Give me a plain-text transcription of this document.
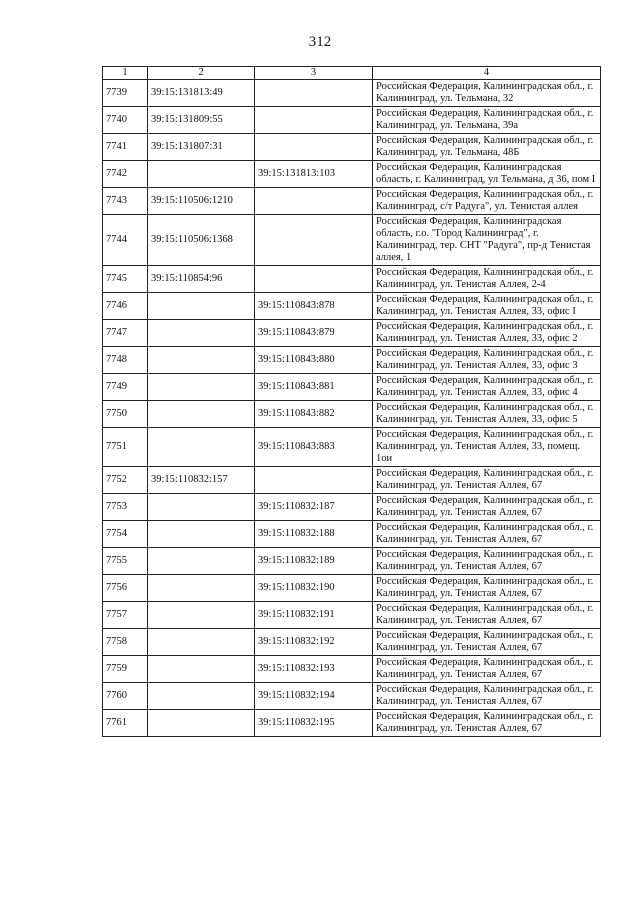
312
1	2	3	4
7739	39:15:131813:49		Российская Федерация, Калининградская обл., г. Калининград, ул. Тельмана, 32
7740	39:15:131809:55		Российская Федерация, Калининградская обл., г. Калининград, ул. Тельмана, 39а
7741	39:15:131807:31		Российская Федерация, Калининградская обл., г. Калининград, ул. Тельмана, 48Б
7742		39:15:131813:103	Российская Федерация, Калининградская область, г. Калининград, ул Тельмана, д 36, пом I
7743	39:15:110506:1210		Российская Федерация, Калининградская обл., г. Калининград, с/т Радуга", ул. Тенистая аллея
7744	39:15:110506:1368		Российская Федерация, Калининградская область, г.о. "Город Калининград", г. Калининград, тер. СНТ "Радуга", пр-д Тенистая аллея, 1
7745	39:15:110854:96		Российская Федерация, Калининградская обл., г. Калининград, ул. Тенистая Аллея, 2-4
7746		39:15:110843:878	Российская Федерация, Калининградская обл., г. Калининград, ул. Тенистая Аллея, 33, офис I
7747		39:15:110843:879	Российская Федерация, Калининградская обл., г. Калининград, ул. Тенистая Аллея, 33, офис 2
7748		39:15:110843:880	Российская Федерация, Калининградская обл., г. Калининград, ул. Тенистая Аллея, 33, офис 3
7749		39:15:110843:881	Российская Федерация, Калининградская обл., г. Калининград, ул. Тенистая Аллея, 33, офис 4
7750		39:15:110843:882	Российская Федерация, Калининградская обл., г. Калининград, ул. Тенистая Аллея, 33, офис 5
7751		39:15:110843:883	Российская Федерация, Калининградская обл., г. Калининград, ул. Тенистая Аллея, 33, помещ. 1ои
7752	39:15:110832:157		Российская Федерация, Калининградская обл., г. Калининград, ул. Тенистая Аллея, 67
7753		39:15:110832:187	Российская Федерация, Калининградская обл., г. Калининград, ул. Тенистая Аллея, 67
7754		39:15:110832:188	Российская Федерация, Калининградская обл., г. Калининград, ул. Тенистая Аллея, 67
7755		39:15:110832:189	Российская Федерация, Калининградская обл., г. Калининград, ул. Тенистая Аллея, 67
7756		39:15:110832:190	Российская Федерация, Калининградская обл., г. Калининград, ул. Тенистая Аллея, 67
7757		39:15:110832:191	Российская Федерация, Калининградская обл., г. Калининград, ул. Тенистая Аллея, 67
7758		39:15:110832:192	Российская Федерация, Калининградская обл., г. Калининград, ул. Тенистая Аллея, 67
7759		39:15:110832:193	Российская Федерация, Калининградская обл., г. Калининград, ул. Тенистая Аллея, 67
7760		39:15:110832:194	Российская Федерация, Калининградская обл., г. Калининград, ул. Тенистая Аллея, 67
7761		39:15:110832:195	Российская Федерация, Калининградская обл., г. Калининград, ул. Тенистая Аллея, 67
